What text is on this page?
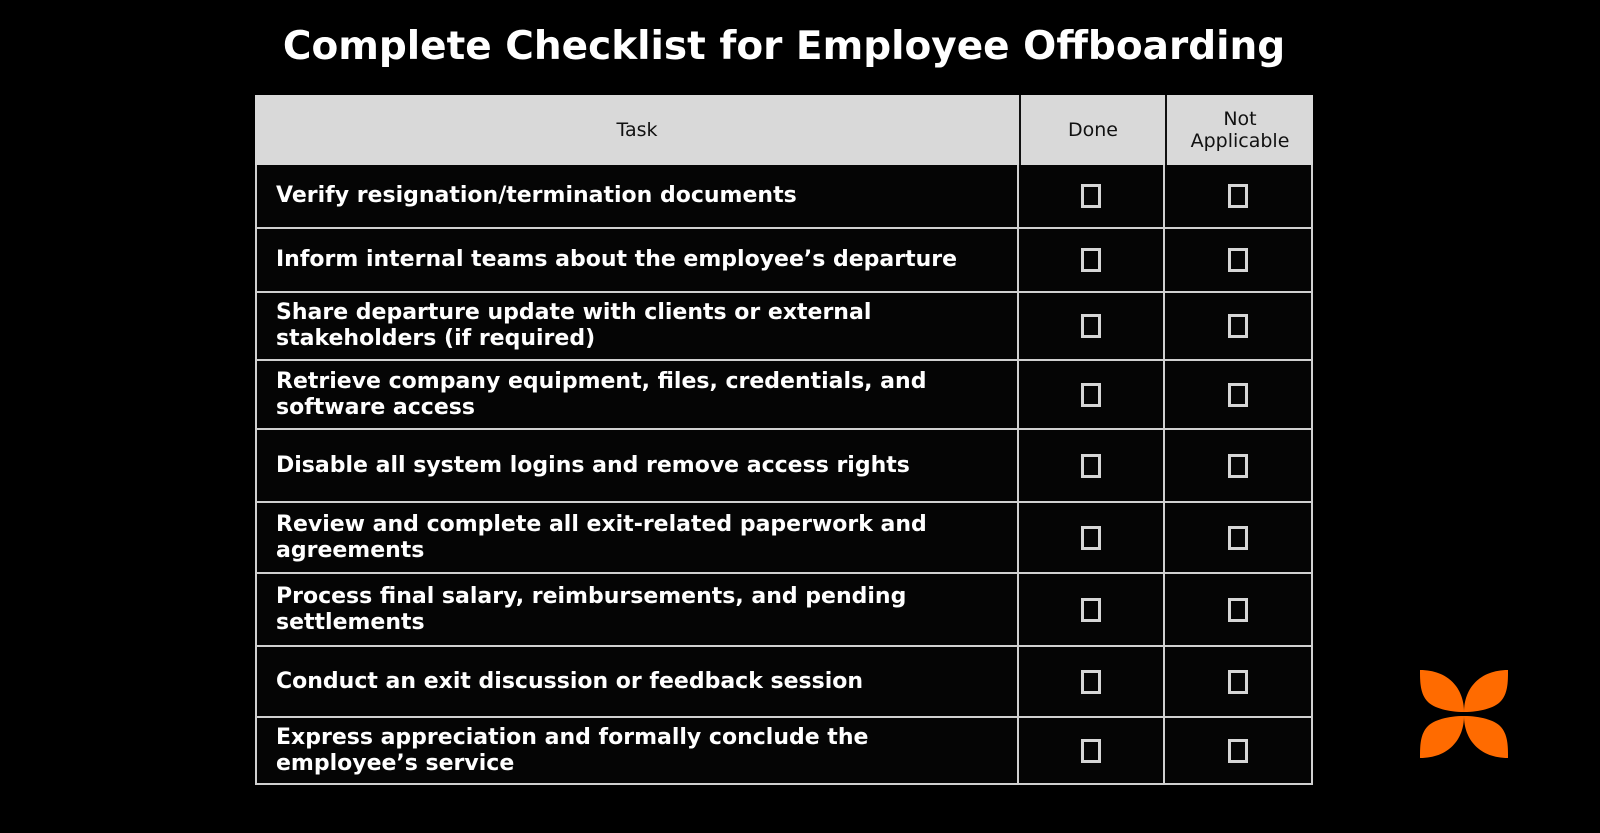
Complete Checklist for Employee Offboarding
Task	Done	Not Applicable
Verify resignation/termination documents
Inform internal teams about the employee’s departure
Share departure update with clients or external stakeholders (if required)
Retrieve company equipment, files, credentials, and software access
Disable all system logins and remove access rights
Review and complete all exit-related paperwork and agreements
Process final salary, reimbursements, and pending settlements
Conduct an exit discussion or feedback session
Express appreciation and formally conclude the employee’s service
